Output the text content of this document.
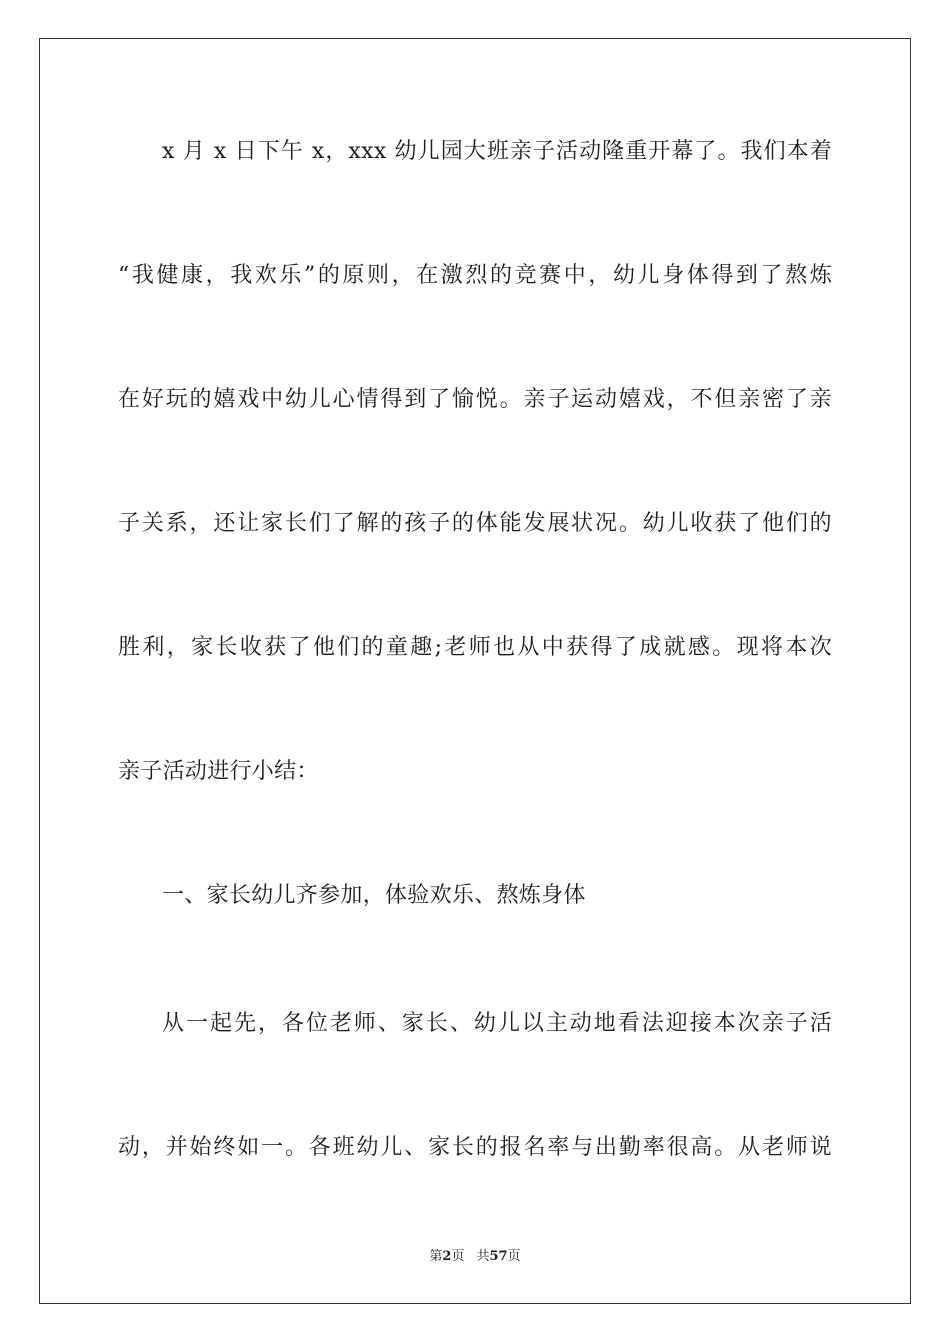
x 月 x 日下午 x，xxx 幼儿园大班亲子活动隆重开幕了。我们本着
“我健康，我欢乐”的原则，在激烈的竞赛中，幼儿身体得到了熬炼
在好玩的嬉戏中幼儿心情得到了愉悦。亲子运动嬉戏，不但亲密了亲
子关系，还让家长们了解的孩子的体能发展状况。幼儿收获了他们的
胜利，家长收获了他们的童趣;老师也从中获得了成就感。现将本次
亲子活动进行小结：
一、家长幼儿齐参加，体验欢乐、熬炼身体
从一起先，各位老师、家长、幼儿以主动地看法迎接本次亲子活
动，并始终如一。各班幼儿、家长的报名率与出勤率很高。从老师说
第2页 共57页
